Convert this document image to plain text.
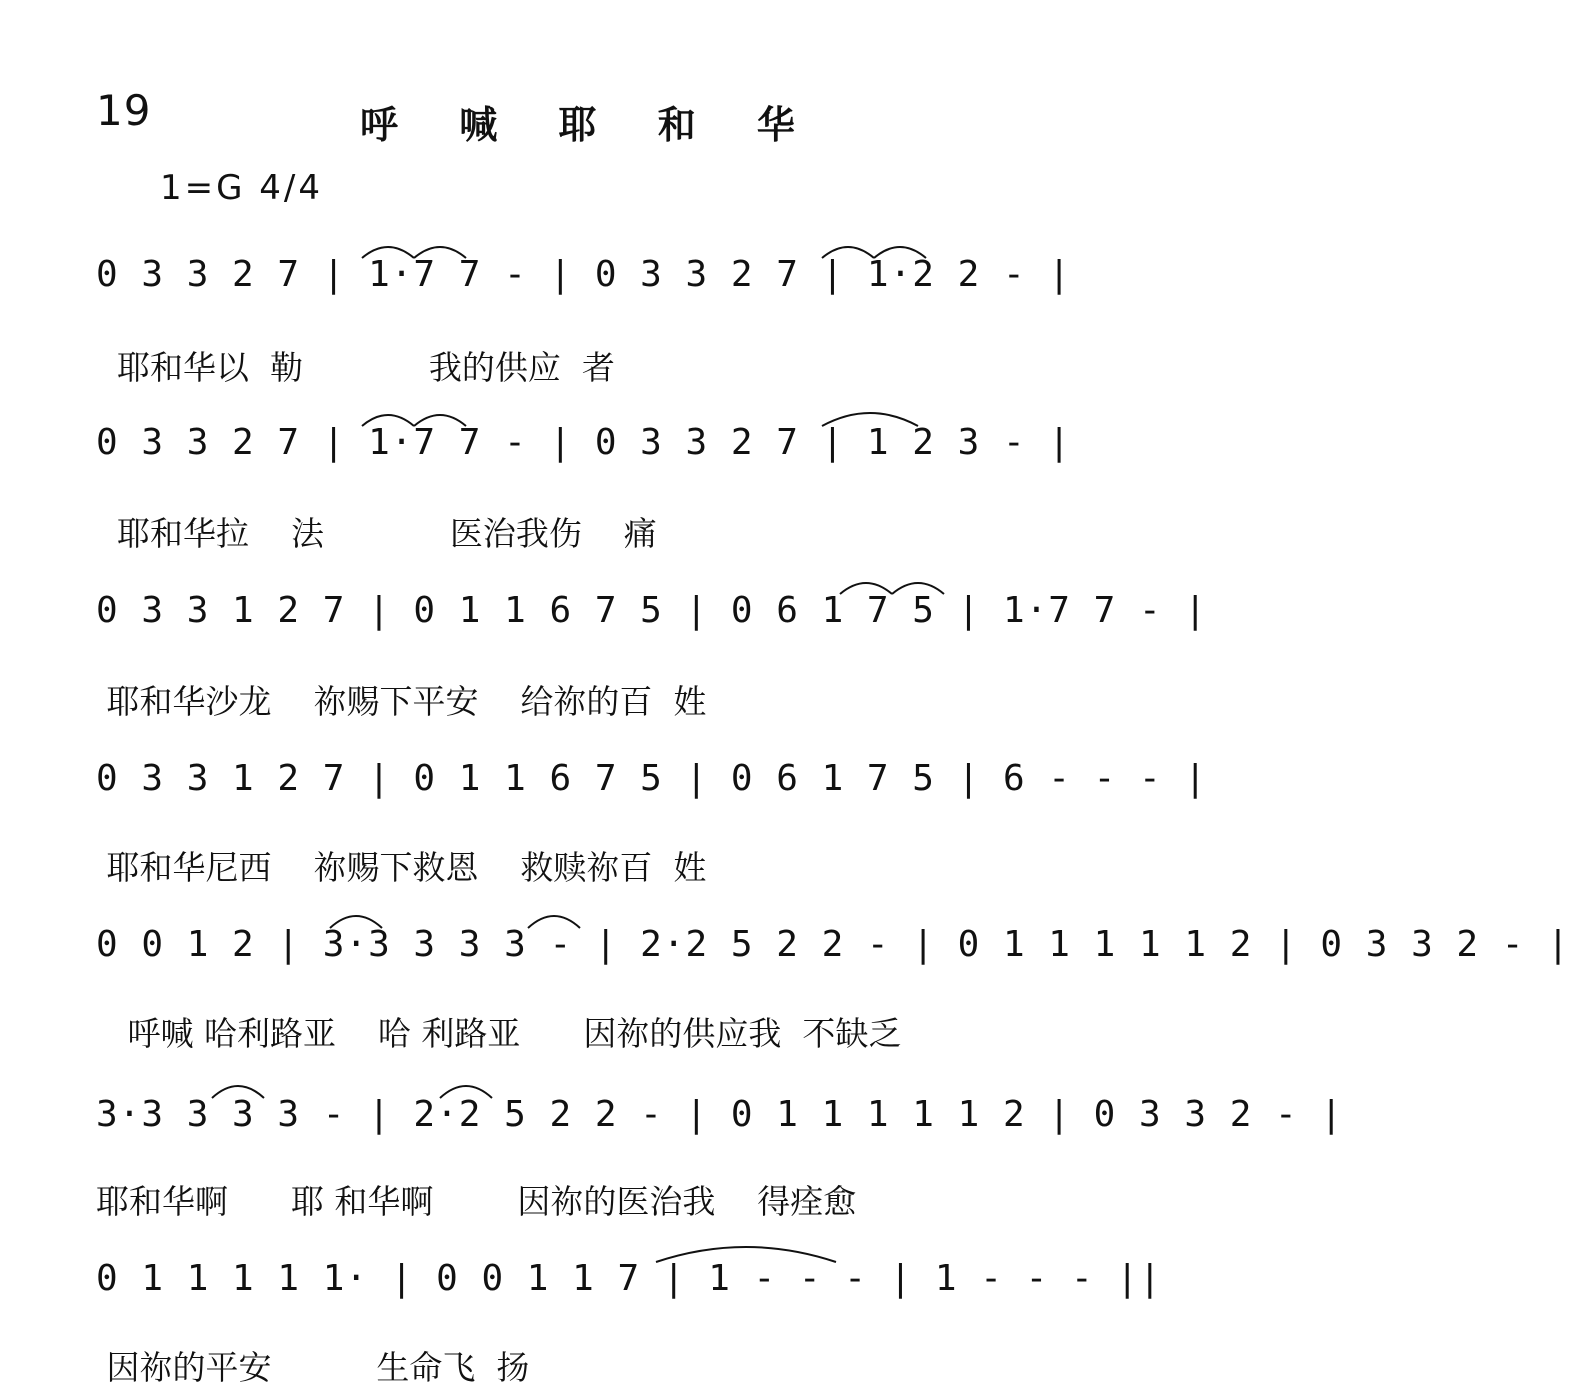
19	呼 喊 耶 和 华
1=G 4/4
0 3 3 2 7 | 1·7 7 - | 0 3 3 2 7 | 1·2 2 - |
耶和华以  勒            我的供应  者
0 3 3 2 7 | 1·7 7 - | 0 3 3 2 7 | 1 2 3 - |
耶和华拉    法            医治我伤    痛
0 3 3 1 2 7 | 0 1 1 6 7 5 | 0 6 1 7 5 | 1·7 7 - |
耶和华沙龙    祢赐下平安    给祢的百  姓
0 3 3 1 2 7 | 0 1 1 6 7 5 | 0 6 1 7 5 | 6 - - - |
耶和华尼西    祢赐下救恩    救赎祢百  姓
0 0 1 2 | 3·3 3 3 3 - | 2·2 5 2 2 - | 0 1 1 1 1 1 2 | 0 3 3 2 - |
呼喊 哈利路亚    哈 利路亚      因祢的供应我  不缺乏
3·3 3 3 3 - | 2·2 5 2 2 - | 0 1 1 1 1 1 2 | 0 3 3 2 - |
耶和华啊      耶 和华啊        因祢的医治我    得痊愈
0 1 1 1 1 1· | 0 0 1 1 7 | 1 - - - | 1 - - - ||
因祢的平安          生命飞  扬
